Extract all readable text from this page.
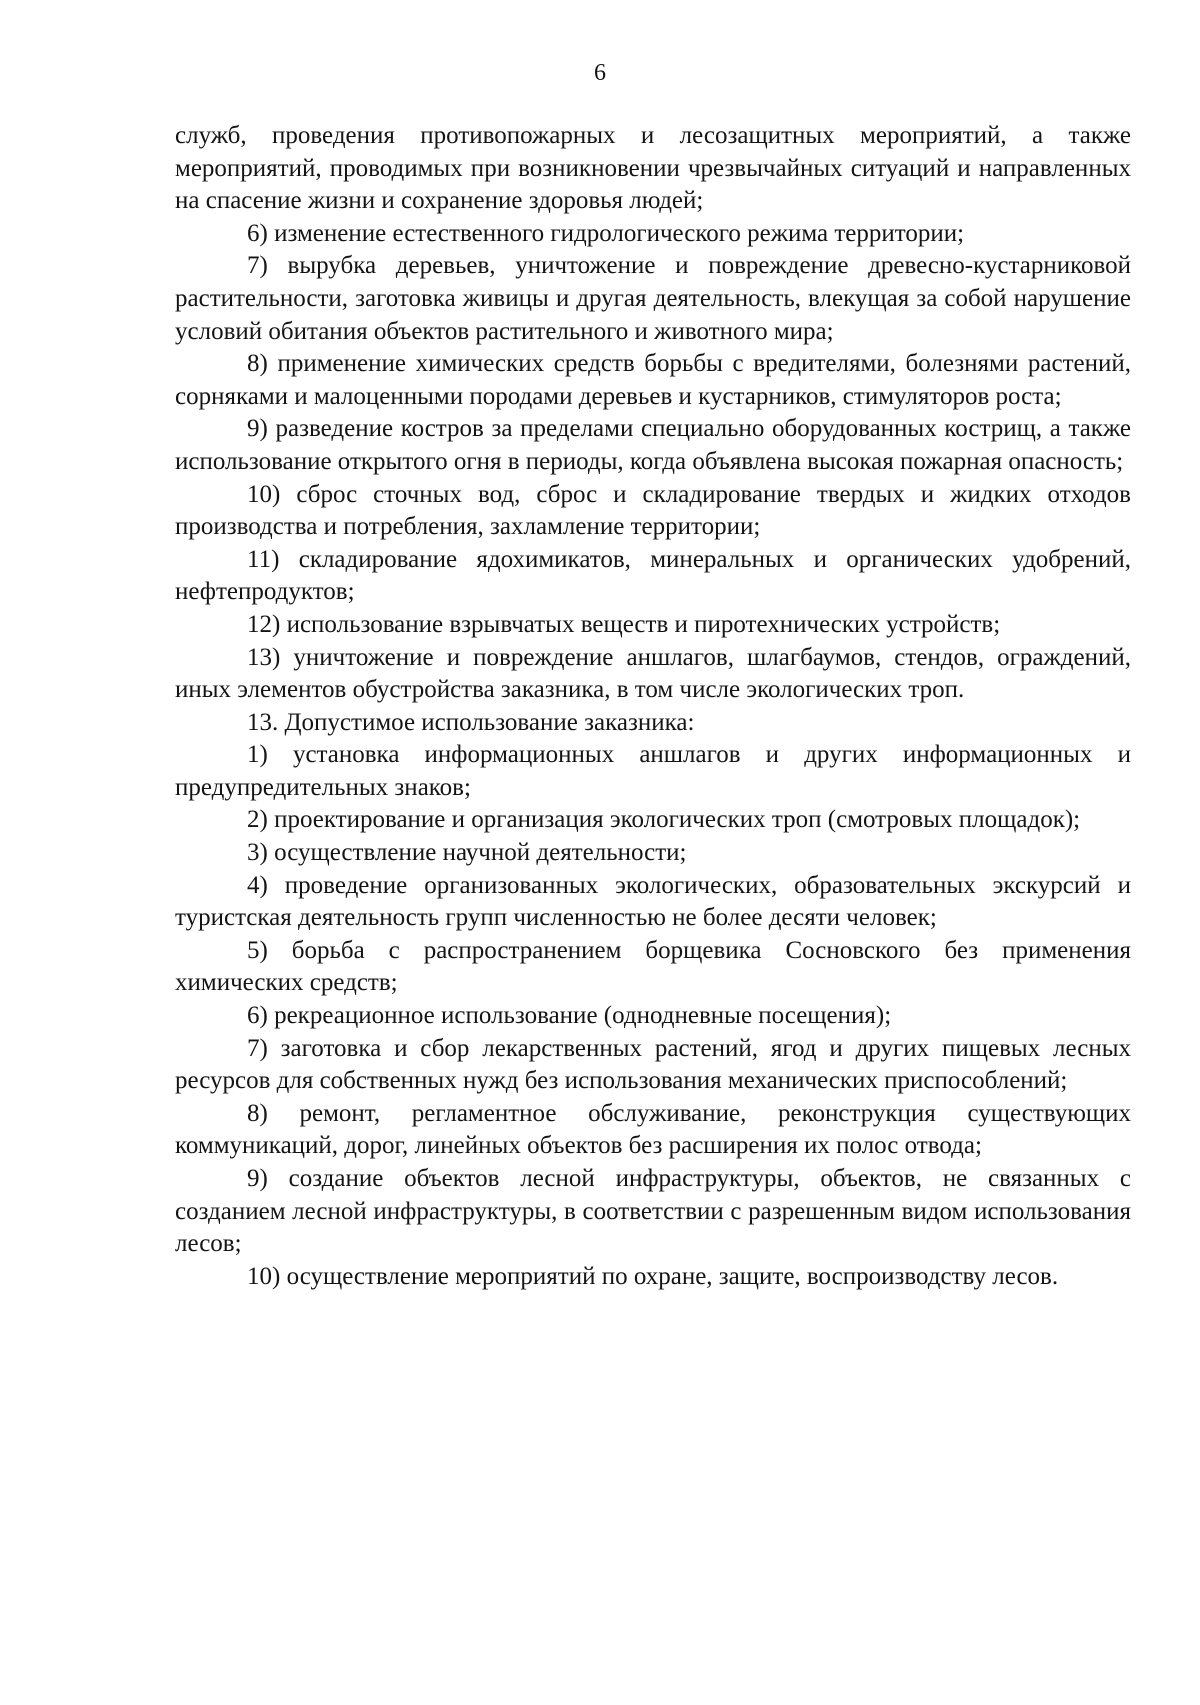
6

служб, проведения противопожарных и лесозащитных мероприятий, а также мероприятий, проводимых при возникновении чрезвычайных ситуаций и направленных на спасение жизни и сохранение здоровья людей;

6) изменение естественного гидрологического режима территории;

7) вырубка деревьев, уничтожение и повреждение древесно-кустарниковой растительности, заготовка живицы и другая деятельность, влекущая за собой нарушение условий обитания объектов растительного и животного мира;

8) применение химических средств борьбы с вредителями, болезнями растений, сорняками и малоценными породами деревьев и кустарников, стимуляторов роста;

9) разведение костров за пределами специально оборудованных кострищ, а также использование открытого огня в периоды, когда объявлена высокая пожарная опасность;

10) сброс сточных вод, сброс и складирование твердых и жидких отходов производства и потребления, захламление территории;

11) складирование ядохимикатов, минеральных и органических удобрений, нефтепродуктов;

12) использование взрывчатых веществ и пиротехнических устройств;

13) уничтожение и повреждение аншлагов, шлагбаумов, стендов, ограждений, иных элементов обустройства заказника, в том числе экологических троп.

13. Допустимое использование заказника:

1) установка информационных аншлагов и других информационных и предупредительных знаков;

2) проектирование и организация экологических троп (смотровых площадок);

3) осуществление научной деятельности;

4) проведение организованных экологических, образовательных экскурсий и туристская деятельность групп численностью не более десяти человек;

5) борьба с распространением борщевика Сосновского без применения химических средств;

6) рекреационное использование (однодневные посещения);

7) заготовка и сбор лекарственных растений, ягод и других пищевых лесных ресурсов для собственных нужд без использования механических приспособлений;

8) ремонт, регламентное обслуживание, реконструкция существующих коммуникаций, дорог, линейных объектов без расширения их полос отвода;

9) создание объектов лесной инфраструктуры, объектов, не связанных с созданием лесной инфраструктуры, в соответствии с разрешенным видом использования лесов;

10) осуществление мероприятий по охране, защите, воспроизводству лесов.
